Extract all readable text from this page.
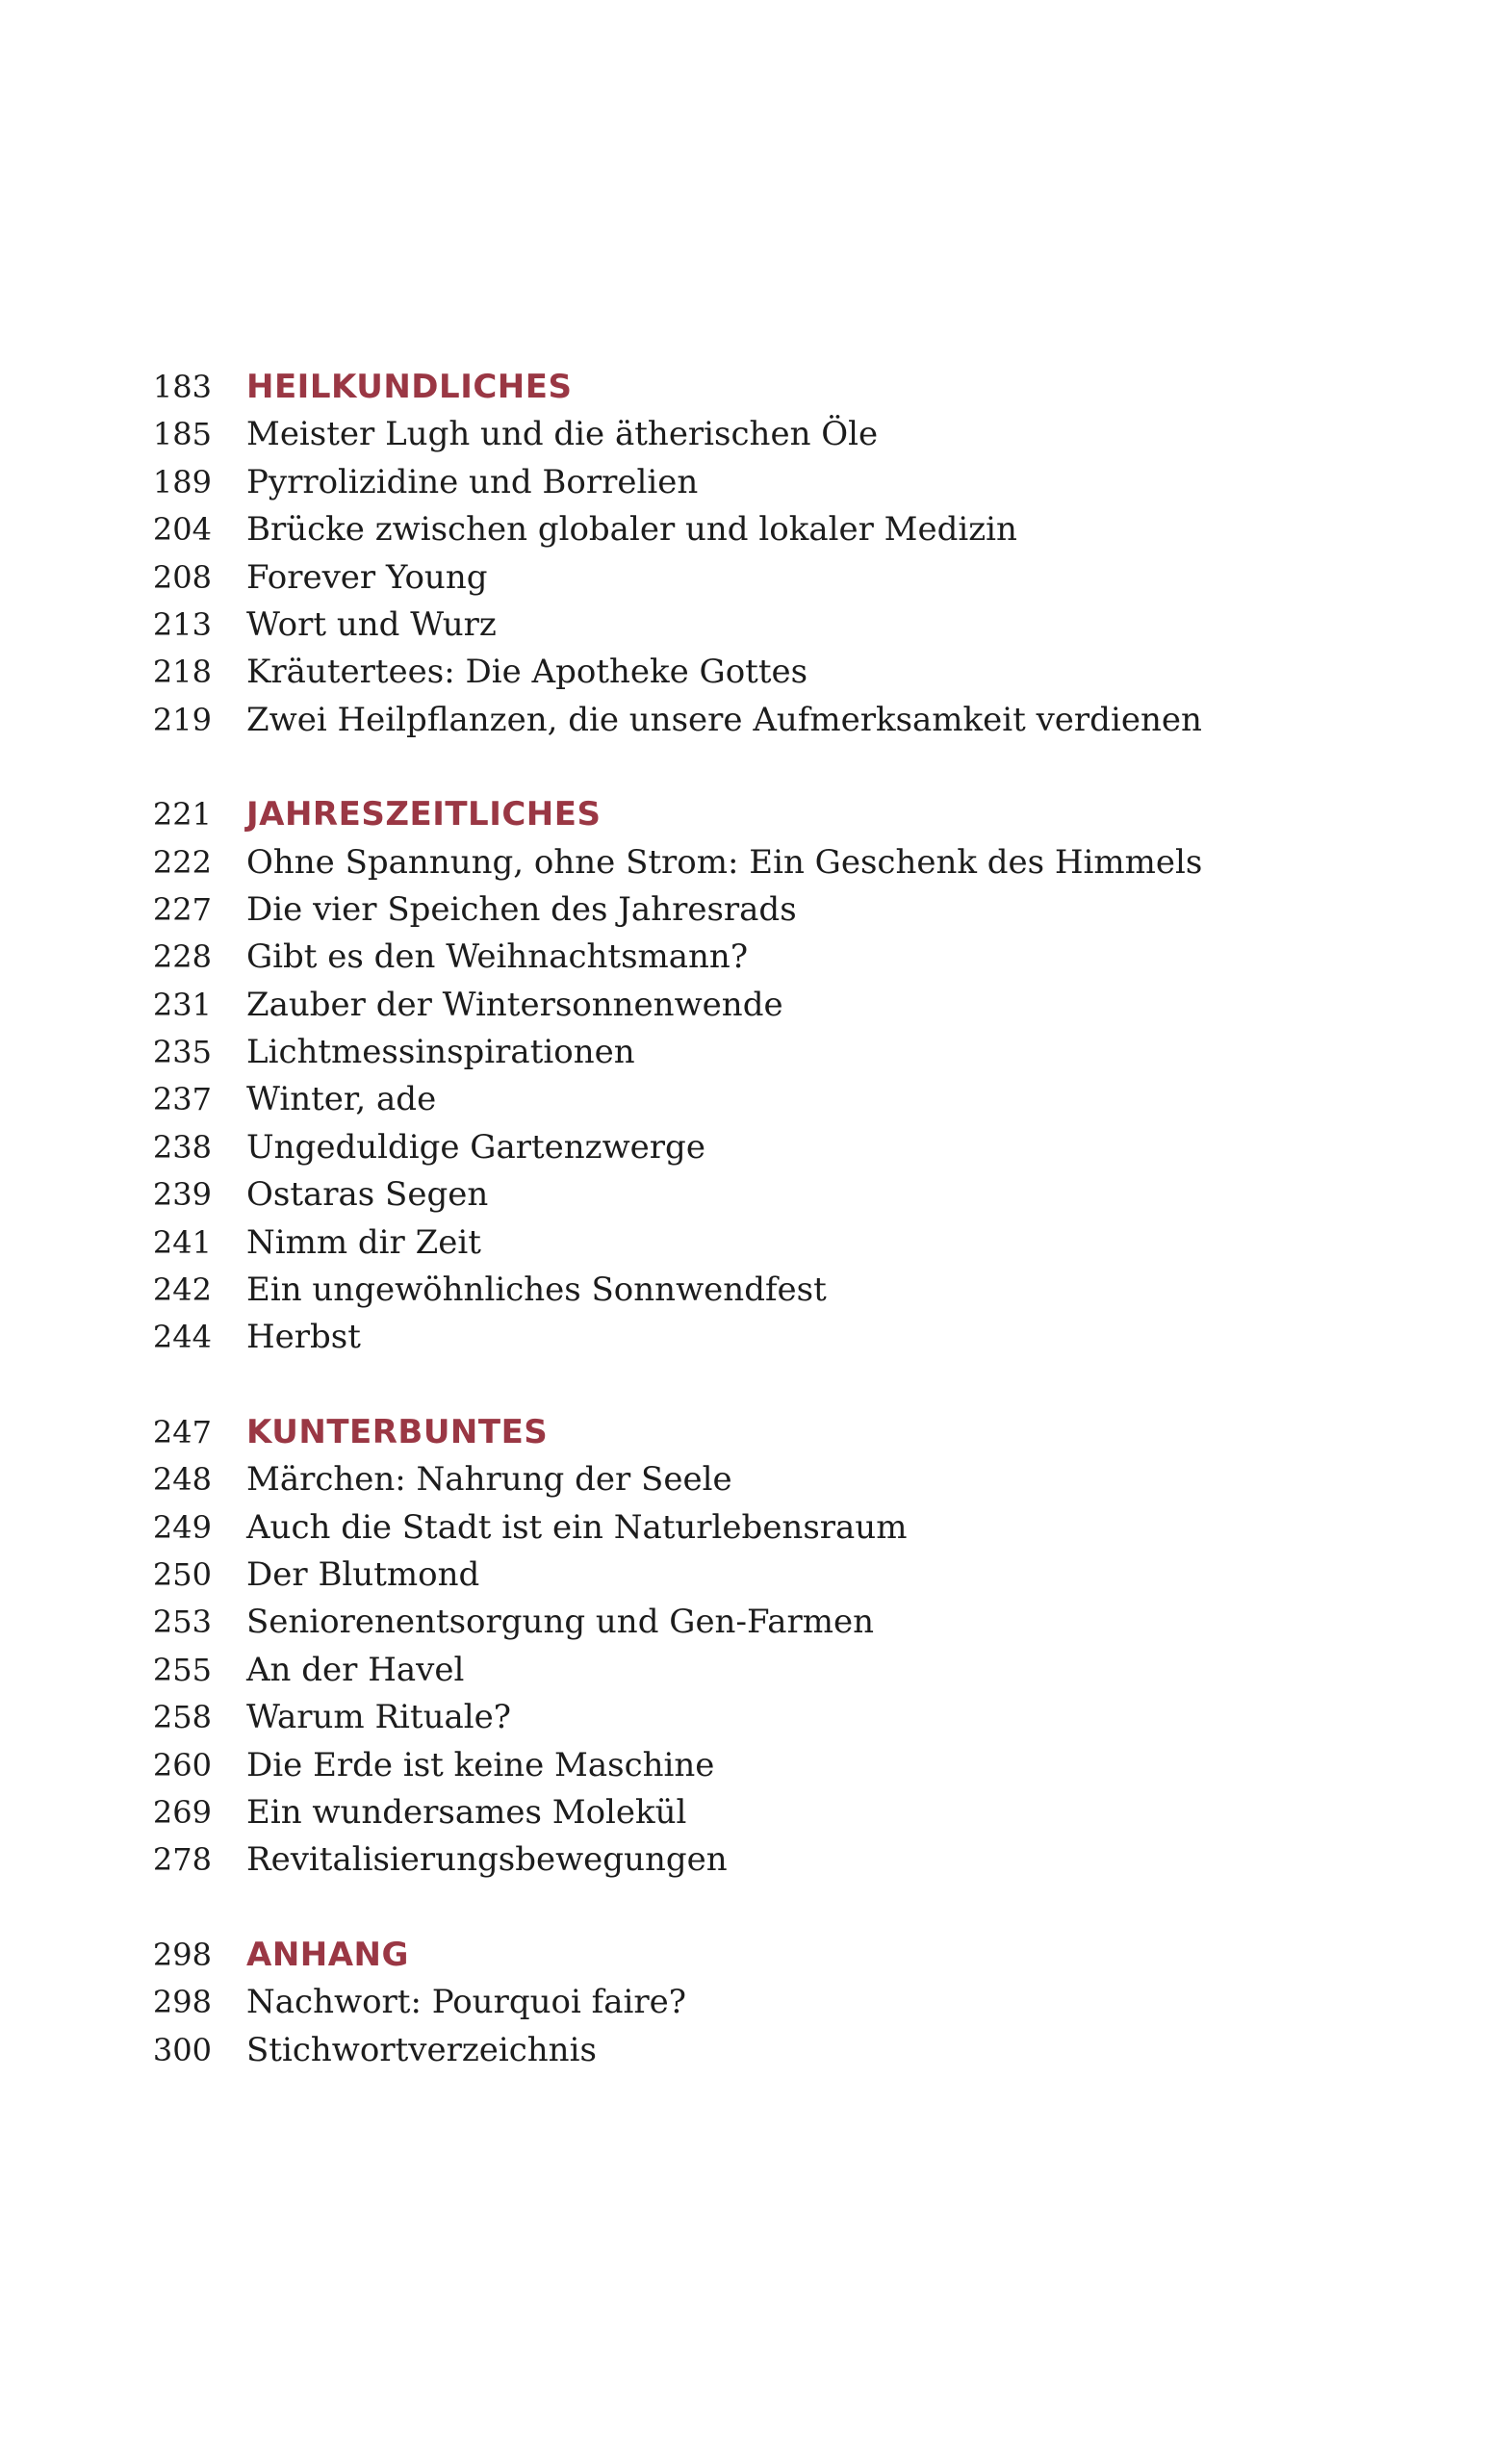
183 HEILKUNDLICHES
185 Meister Lugh und die ätherischen Öle
189 Pyrrolizidine und Borrelien
204 Brücke zwischen globaler und lokaler Medizin
208 Forever Young
213 Wort und Wurz
218 Kräutertees: Die Apotheke Gottes
219 Zwei Heilpflanzen, die unsere Aufmerksamkeit verdienen
221 JAHRESZEITLICHES
222 Ohne Spannung, ohne Strom: Ein Geschenk des Himmels
227 Die vier Speichen des Jahresrads
228 Gibt es den Weihnachtsmann?
231 Zauber der Wintersonnenwende
235 Lichtmessinspirationen
237 Winter, ade
238 Ungeduldige Gartenzwerge
239 Ostaras Segen
241 Nimm dir Zeit
242 Ein ungewöhnliches Sonnwendfest
244 Herbst
247 KUNTERBUNTES
248 Märchen: Nahrung der Seele
249 Auch die Stadt ist ein Naturlebensraum
250 Der Blutmond
253 Seniorenentsorgung und Gen-Farmen
255 An der Havel
258 Warum Rituale?
260 Die Erde ist keine Maschine
269 Ein wundersames Molekül
278 Revitalisierungsbewegungen
298 ANHANG
298 Nachwort: Pourquoi faire?
300 Stichwortverzeichnis
